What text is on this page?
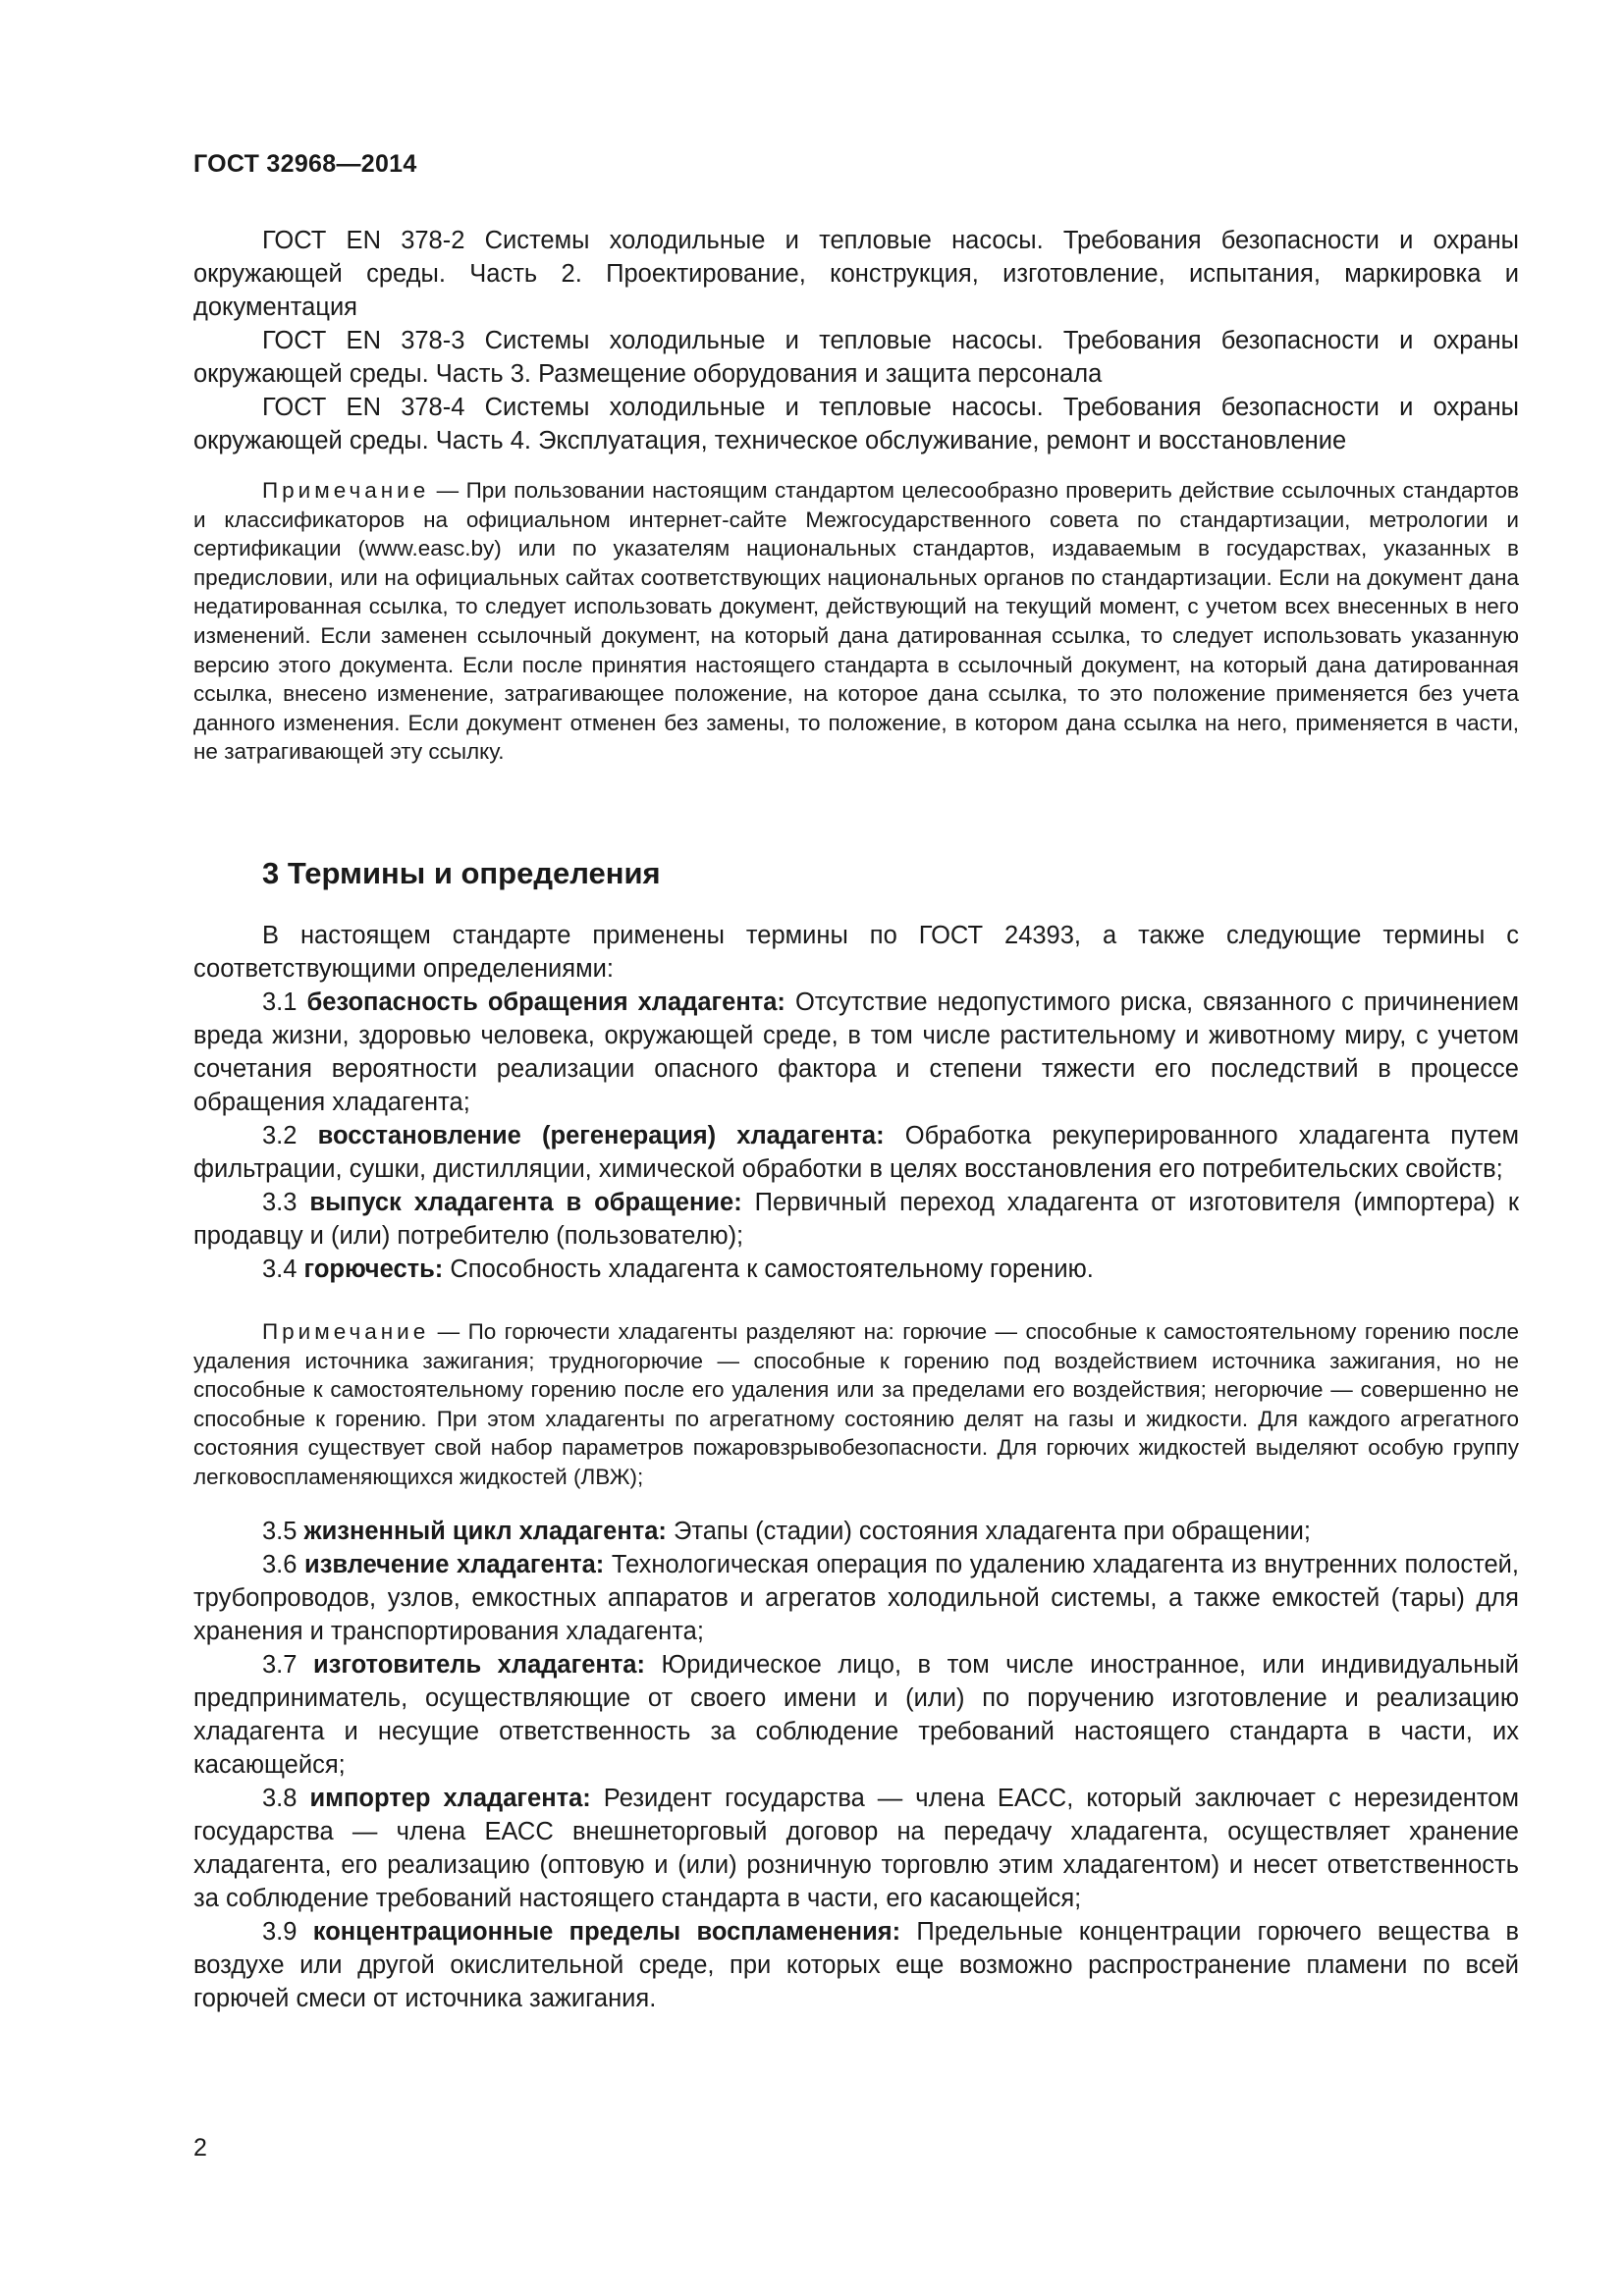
ГОСТ 32968—2014

ГОСТ EN 378-2 Системы холодильные и тепловые насосы. Требования безопасности и охраны окружающей среды. Часть 2. Проектирование, конструкция, изготовление, испытания, маркировка и документация

ГОСТ EN 378-3 Системы холодильные и тепловые насосы. Требования безопасности и охраны окружающей среды. Часть 3. Размещение оборудования и защита персонала

ГОСТ EN 378-4 Системы холодильные и тепловые насосы. Требования безопасности и охраны окружающей среды. Часть 4. Эксплуатация, техническое обслуживание, ремонт и восстановление

Примечание — При пользовании настоящим стандартом целесообразно проверить действие ссылочных стандартов и классификаторов на официальном интернет-сайте Межгосударственного совета по стандартизации, метрологии и сертификации (www.easc.by) или по указателям национальных стандартов, издаваемым в государствах, указанных в предисловии, или на официальных сайтах соответствующих национальных органов по стандартизации. Если на документ дана недатированная ссылка, то следует использовать документ, действующий на текущий момент, с учетом всех внесенных в него изменений. Если заменен ссылочный документ, на который дана датированная ссылка, то следует использовать указанную версию этого документа. Если после принятия настоящего стандарта в ссылочный документ, на который дана датированная ссылка, внесено изменение, затрагивающее положение, на которое дана ссылка, то это положение применяется без учета данного изменения. Если документ отменен без замены, то положение, в котором дана ссылка на него, применяется в части, не затрагивающей эту ссылку.

3 Термины и определения

В настоящем стандарте применены термины по ГОСТ 24393, а также следующие термины с соответствующими определениями:

3.1 безопасность обращения хладагента: Отсутствие недопустимого риска, связанного с причинением вреда жизни, здоровью человека, окружающей среде, в том числе растительному и животному миру, с учетом сочетания вероятности реализации опасного фактора и степени тяжести его последствий в процессе обращения хладагента;

3.2 восстановление (регенерация) хладагента: Обработка рекуперированного хладагента путем фильтрации, сушки, дистилляции, химической обработки в целях восстановления его потребительских свойств;

3.3 выпуск хладагента в обращение: Первичный переход хладагента от изготовителя (импортера) к продавцу и (или) потребителю (пользователю);

3.4 горючесть: Способность хладагента к самостоятельному горению.

Примечание — По горючести хладагенты разделяют на: горючие — способные к самостоятельному горению после удаления источника зажигания; трудногорючие — способные к горению под воздействием источника зажигания, но не способные к самостоятельному горению после его удаления или за пределами его воздействия; негорючие — совершенно не способные к горению. При этом хладагенты по агрегатному состоянию делят на газы и жидкости. Для каждого агрегатного состояния существует свой набор параметров пожаровзрывобезопасности. Для горючих жидкостей выделяют особую группу легковоспламеняющихся жидкостей (ЛВЖ);

3.5 жизненный цикл хладагента: Этапы (стадии) состояния хладагента при обращении;

3.6 извлечение хладагента: Технологическая операция по удалению хладагента из внутренних полостей, трубопроводов, узлов, емкостных аппаратов и агрегатов холодильной системы, а также емкостей (тары) для хранения и транспортирования хладагента;

3.7 изготовитель хладагента: Юридическое лицо, в том числе иностранное, или индивидуальный предприниматель, осуществляющие от своего имени и (или) по поручению изготовление и реализацию хладагента и несущие ответственность за соблюдение требований настоящего стандарта в части, их касающейся;

3.8 импортер хладагента: Резидент государства — члена ЕАСС, который заключает с нерезидентом государства — члена ЕАСС внешнеторговый договор на передачу хладагента, осуществляет хранение хладагента, его реализацию (оптовую и (или) розничную торговлю этим хладагентом) и несет ответственность за соблюдение требований настоящего стандарта в части, его касающейся;

3.9 концентрационные пределы воспламенения: Предельные концентрации горючего вещества в воздухе или другой окислительной среде, при которых еще возможно распространение пламени по всей горючей смеси от источника зажигания.

2
